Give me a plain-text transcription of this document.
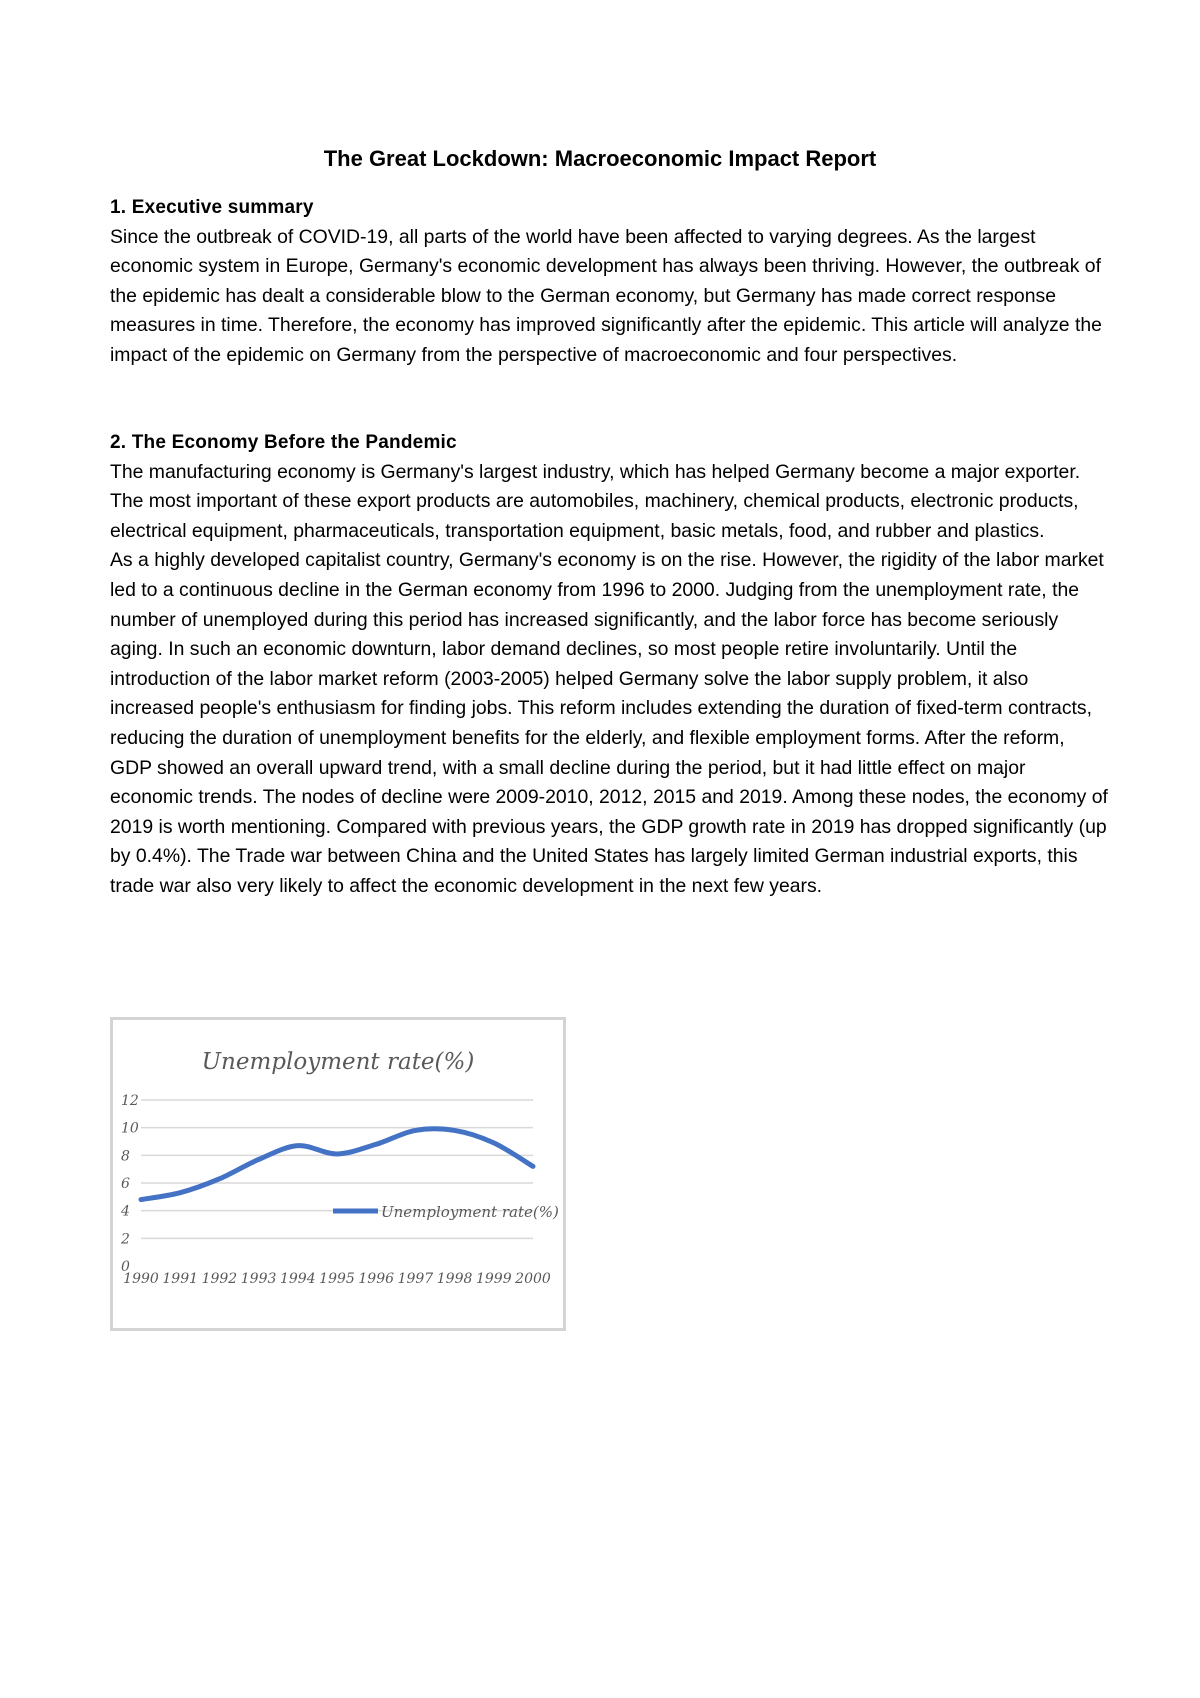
The Great Lockdown: Macroeconomic Impact Report

1. Executive summary

Since the outbreak of COVID-19, all parts of the world have been affected to varying degrees. As the largest economic system in Europe, Germany's economic development has always been thriving. However, the outbreak of the epidemic has dealt a considerable blow to the German economy, but Germany has made correct response measures in time. Therefore, the economy has improved significantly after the epidemic. This article will analyze the impact of the epidemic on Germany from the perspective of macroeconomic and four perspectives.

2. The Economy Before the Pandemic

The manufacturing economy is Germany's largest industry, which has helped Germany become a major exporter. The most important of these export products are automobiles, machinery, chemical products, electronic products, electrical equipment, pharmaceuticals, transportation equipment, basic metals, food, and rubber and plastics.

As a highly developed capitalist country, Germany's economy is on the rise. However, the rigidity of the labor market led to a continuous decline in the German economy from 1996 to 2000. Judging from the unemployment rate, the number of unemployed during this period has increased significantly, and the labor force has become seriously aging. In such an economic downturn, labor demand declines, so most people retire involuntarily. Until the introduction of the labor market reform (2003-2005) helped Germany solve the labor supply problem, it also increased people's enthusiasm for finding jobs. This reform includes extending the duration of fixed-term contracts, reducing the duration of unemployment benefits for the elderly, and flexible employment forms. After the reform, GDP showed an overall upward trend, with a small decline during the period, but it had little effect on major economic trends. The nodes of decline were 2009-2010, 2012, 2015 and 2019. Among these nodes, the economy of 2019 is worth mentioning. Compared with previous years, the GDP growth rate in 2019 has dropped significantly (up by 0.4%). The Trade war between China and the United States has largely limited German industrial exports, this trade war also very likely to affect the economic development in the next few years.

Unemployment rate(%)
0
2
4
6
8
10
12
1990 1991 1992 1993 1994 1995 1996 1997 1998 1999 2000
Unemployment rate(%)
